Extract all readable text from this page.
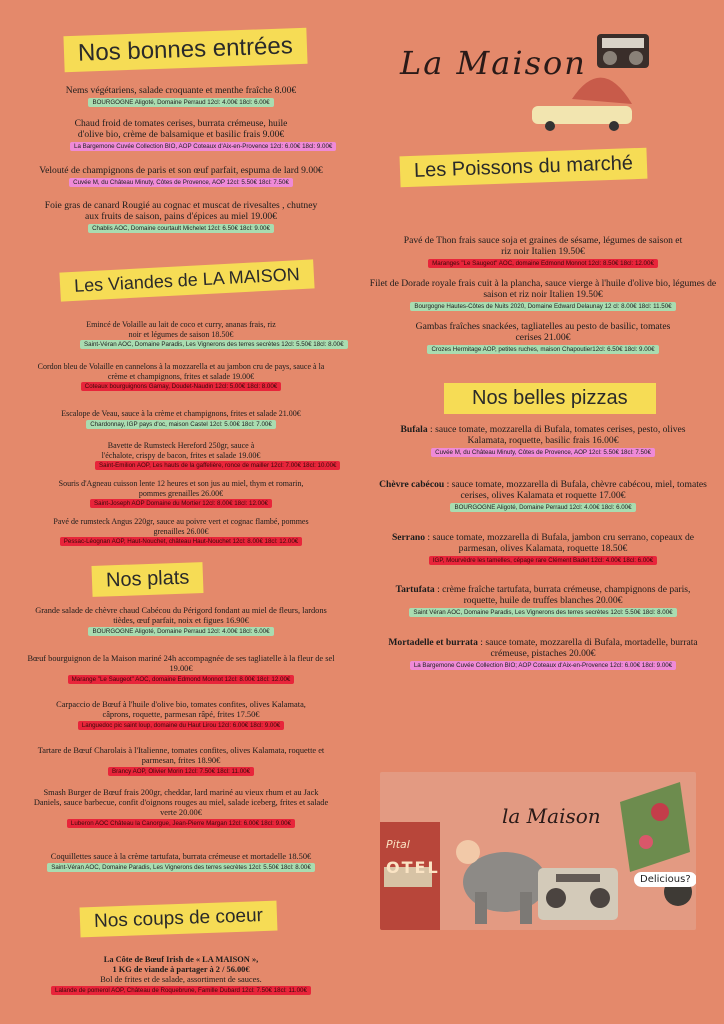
Nos bonnes entrées
Nems végétariens, salade croquante et menthe fraîche 8.00€
BOURGOGNE Aligoté, Domaine Perraud 12cl: 4.00€ 18cl: 6.00€
Chaud froid de tomates cerises, burrata crémeuse, huile d'olive bio, crème de balsamique et basilic frais 9.00€
La Bargemone Cuvée Collection BIO, AOP Coteaux d'Aix-en-Provence 12cl: 6.00€ 18cl: 9.00€
Velouté de champignons de paris et son œuf parfait, espuma de lard 9.00€
Cuvée M, du Château Minuty, Côtes de Provence, AOP 12cl: 5.50€ 18cl: 7.50€
Foie gras de canard Rougié au cognac et muscat de rivesaltes , chutney aux fruits de saison, pains d'épices au miel 19.00€
Chablis AOC, Domaine courtault Michelet 12cl: 6.50€ 18cl: 9.00€
Les Viandes de LA MAISON
Emincé de Volaille au lait de coco et curry, ananas frais, riz noir et légumes de saison 18.50€
Saint-Véran AOC, Domaine Paradis, Les Vignerons des terres secrètes 12cl: 5.50€ 18cl: 8.00€
Cordon bleu de Volaille en cannelons à la mozzarella et au jambon cru de pays, sauce à la crème et champignons, frites et salade 19.00€
Coteaux bourguignons Gamay, Doudet-Naudin 12cl: 5.00€ 18cl: 8.00€
Escalope de Veau, sauce à la crème et champignons, frites et salade 21.00€
Chardonnay, IGP pays d'oc, maison Castel 12cl: 5.00€ 18cl: 7.00€
Bavette de Rumsteck Hereford 250gr, sauce à l'échalote, crispy de bacon, frites et salade 19.00€
Saint-Emilion AOP, Les hauts de la gaffelière, ronce de mailler 12cl: 7.00€ 18cl: 10.00€
Souris d'Agneau cuisson lente 12 heures et son jus au miel, thym et romarin, pommes grenailles 26.00€
Saint-Joseph AOP Domaine du Mortier 12cl: 8.00€ 18cl: 12.00€
Pavé de rumsteck Angus 220gr, sauce au poivre vert et cognac flambé, pommes grenailles 26.00€
Pessac-Léognan AOP, Haut-Nouchet, château Haut-Nouchet 12cl: 8.00€ 18cl: 12.00€
Nos plats
Grande salade de chèvre chaud Cabécou du Périgord fondant au miel de fleurs, lardons tièdes, œuf parfait, noix et figues 16.90€
BOURGOGNE Aligoté, Domaine Perraud 12cl: 4.00€ 18cl: 6.00€
Bœuf bourguignon de la Maison mariné 24h accompagnée de ses tagliatelle à la fleur de sel 19.00€
Marange "Le Saugeot" AOC, domaine Edmond Monnot 12cl: 8.00€ 18cl: 12.00€
Carpaccio de Bœuf à l'huile d'olive bio, tomates confites, olives Kalamata, câprons, roquette, parmesan râpé, frites 17.50€
Languedoc pic saint loup, domaine du Haut Lirou 12cl: 6.00€ 18cl: 9.00€
Tartare de Bœuf Charolais à l'Italienne, tomates confites, olives Kalamata, roquette et parmesan, frites 18.90€
Brancy AOP, Olivier Morin 12cl: 7.50€ 18cl: 11.00€
Smash Burger de Bœuf frais 200gr, cheddar, lard mariné au vieux rhum et au Jack Daniels, sauce barbecue, confit d'oignons rouges au miel, salade iceberg, frites et salade verte 20.00€
Luberon AOC Château la Canorgue, Jean-Pierre Margan 12cl: 6.00€ 18cl: 9.00€
Coquillettes sauce à la crème tartufata, burrata crémeuse et mortadelle 18.50€
Saint-Véran AOC, Domaine Paradis, Les Vignerons des terres secrètes 12cl: 5.50€ 18cl: 8.00€
Nos coups de coeur
La Côte de Bœuf Irish de « LA MAISON »,
1 KG de viande à partager à 2 / 56.00€
Bol de frites et de salade, assortiment de sauces.
Lalande de pomerol AOP, Château de Roquebrune, Famille Dubard 12cl: 7.50€ 18cl: 11.00€
La Maison
Les Poissons du marché
Pavé de Thon frais sauce soja et graines de sésame, légumes de saison et riz noir Italien 19.50€
Maranges "Le Saugeot" AOC, domaine Edmond Monnot 12cl: 8.50€ 18cl: 12.00€
Filet de Dorade royale frais cuit à la plancha, sauce vierge à l'huile d'olive bio, légumes de saison et riz noir Italien 19.50€
Bourgogne Hautes-Côtes de Nuits 2020, Domaine Edward Delaunay 12 cl: 8.00€ 18cl: 11.50€
Gambas fraîches snackées, tagliatelles au pesto de basilic, tomates cerises 21.00€
Crozes Hermitage AOP, petites ruches, maison Chapoutier12cl: 6.50€ 18cl: 9.00€
Nos belles pizzas
Bufala : sauce tomate, mozzarella di Bufala, tomates cerises, pesto, olives Kalamata, roquette, basilic frais 16.00€
Cuvée M, du Château Minuty, Côtes de Provence, AOP 12cl: 5.50€ 18cl: 7.50€
Chèvre cabécou : sauce tomate, mozzarella di Bufala, chèvre cabécou, miel, tomates cerises, olives Kalamata et roquette 17.00€
BOURGOGNE Aligoté, Domaine Perraud 12cl: 4.00€ 18cl: 6.00€
Serrano : sauce tomate, mozzarella di Bufala, jambon cru serrano, copeaux de parmesan, olives Kalamata, roquette 18.50€
IGP, Mourvèdre les tamelles, cépage rare Clément Badet 12cl: 4.00€ 18cl: 6.00€
Tartufata : crème fraîche tartufata, burrata crémeuse, champignons de paris, roquette, huile de truffes blanches 20.00€
Saint Véran AOC, Domaine Paradis, Les Vignerons des terres secrètes 12cl: 5.50€ 18cl: 8.00€
Mortadelle et burrata : sauce tomate, mozzarella di Bufala, mortadelle, burrata crémeuse, pistaches 20.00€
La Bargemone Cuvée Collection BIO; AOP Coteaux d'Aix-en-Provence 12cl: 6.00€ 18cl: 9.00€
Pital
OTEL
la Maison
Delicious?
